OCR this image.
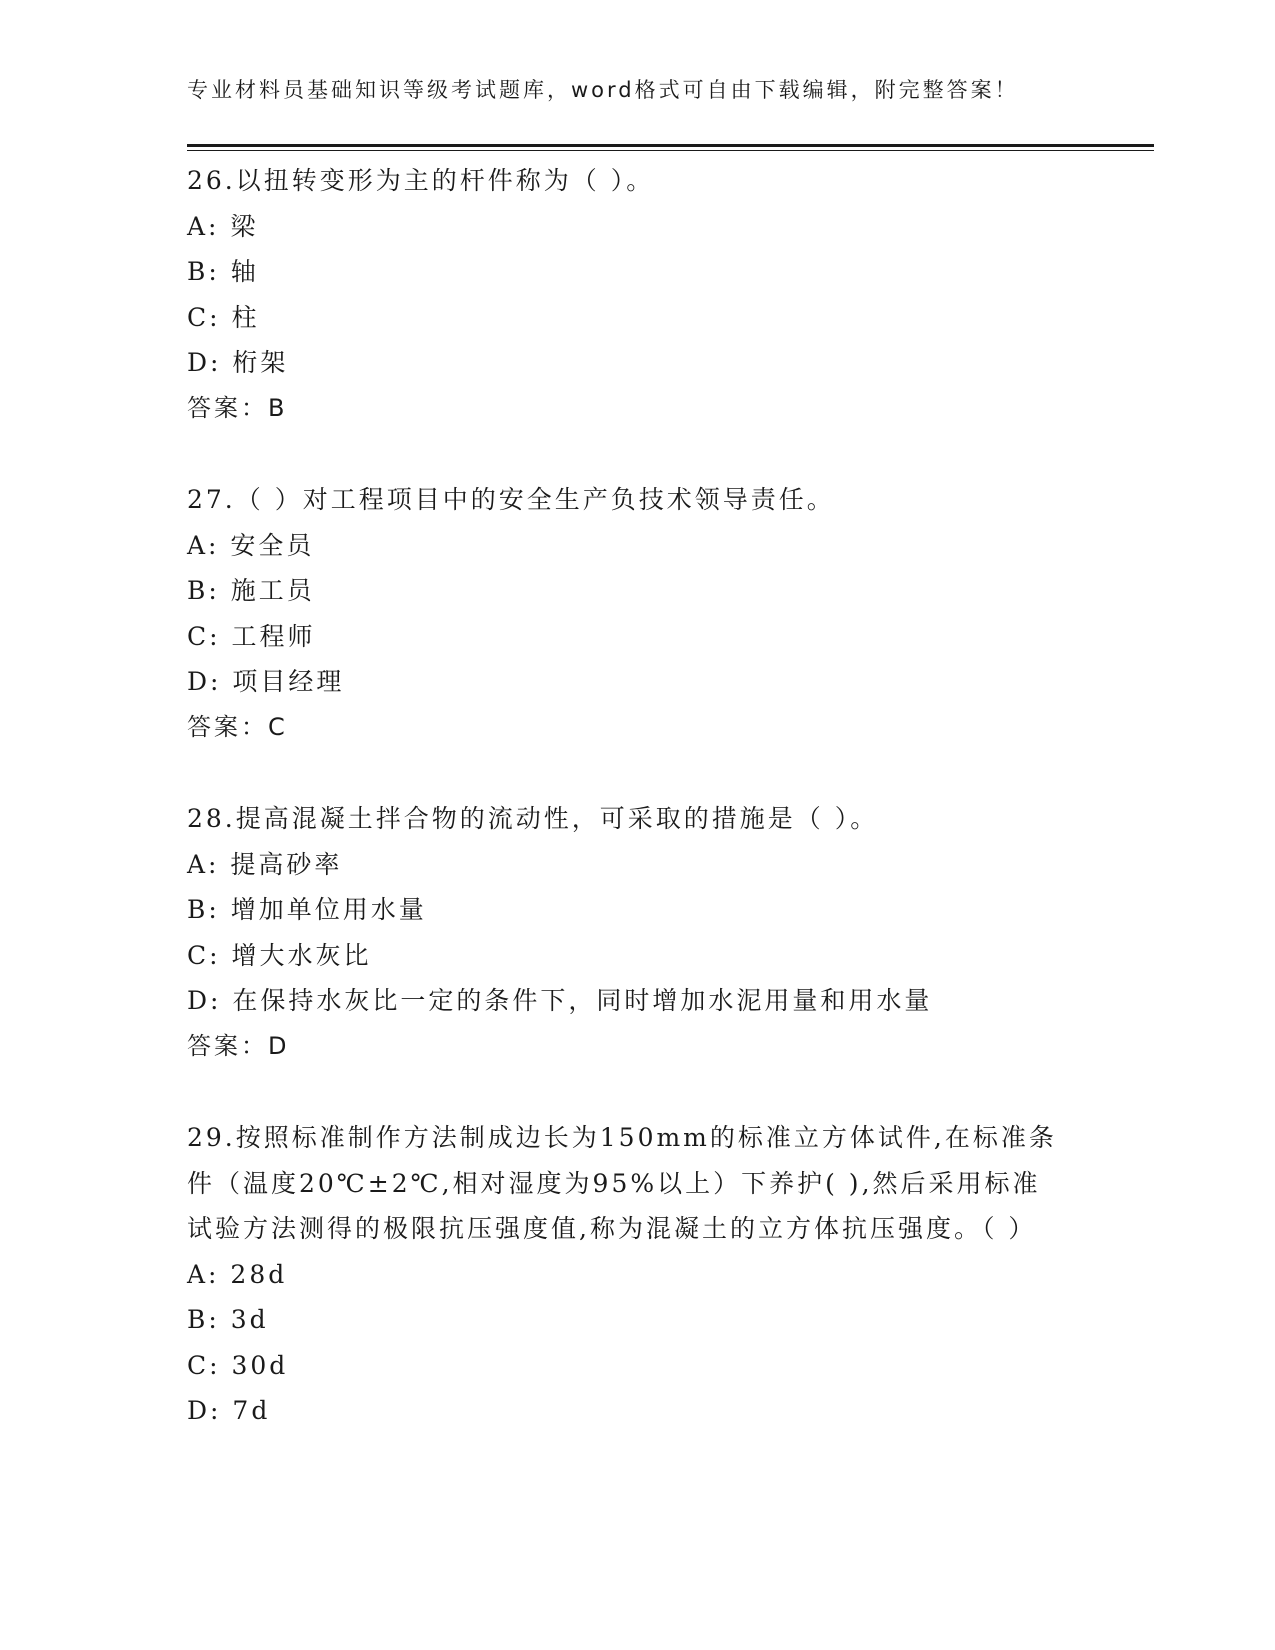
专业材料员基础知识等级考试题库，word格式可自由下载编辑，附完整答案！
26.以扭转变形为主的杆件称为（ ）。
A: 梁
B: 轴
C: 柱
D: 桁架
答案：B
27.（ ）对工程项目中的安全生产负技术领导责任。
A: 安全员
B: 施工员
C: 工程师
D: 项目经理
答案：C
28.提高混凝土拌合物的流动性，可采取的措施是（ ）。
A: 提高砂率
B: 增加单位用水量
C: 增大水灰比
D: 在保持水灰比一定的条件下，同时增加水泥用量和用水量
答案：D
29.按照标准制作方法制成边长为150mm的标准立方体试件,在标准条件（温度20℃±2℃,相对湿度为95%以上）下养护( ),然后采用标准试验方法测得的极限抗压强度值,称为混凝土的立方体抗压强度。（ ）
A: 28d
B: 3d
C: 30d
D: 7d
